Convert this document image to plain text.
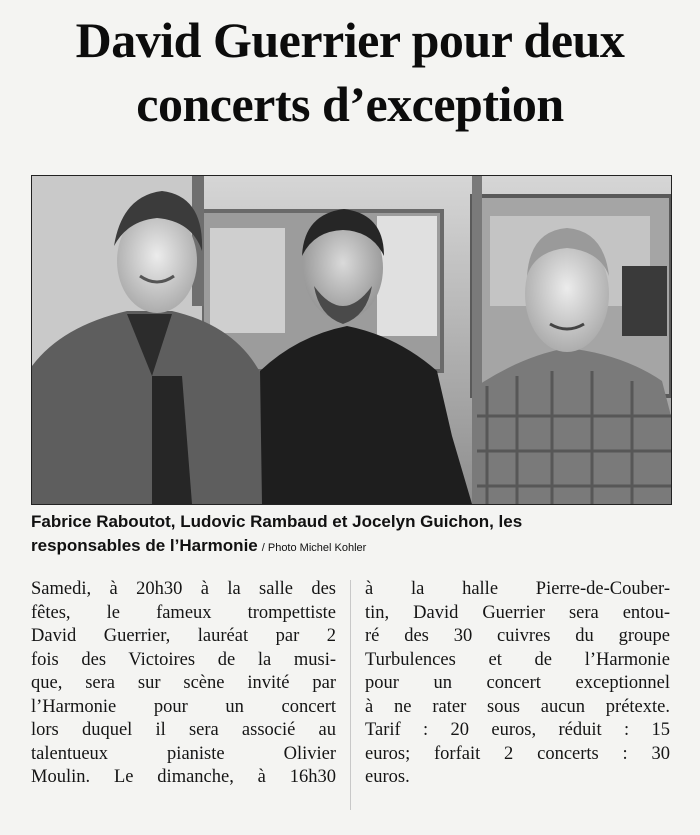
David Guerrier pour deux
concerts d’exception
Fabrice Raboutot, Ludovic Rambaud et Jocelyn Guichon, les
responsables de l’Harmonie / Photo Michel Kohler
Samedi, à 20h30 à la salle des
fêtes, le fameux trompettiste
David Guerrier, lauréat par 2
fois des Victoires de la musi-
que, sera sur scène invité par
l’Harmonie pour un concert
lors duquel il sera associé au
talentueux pianiste Olivier
Moulin. Le dimanche, à 16h30
à la halle Pierre-de-Couber-
tin, David Guerrier sera entou-
ré des 30 cuivres du groupe
Turbulences et de l’Harmonie
pour un concert exceptionnel
à ne rater sous aucun prétexte.
Tarif : 20 euros, réduit : 15
euros; forfait 2 concerts : 30
euros.
